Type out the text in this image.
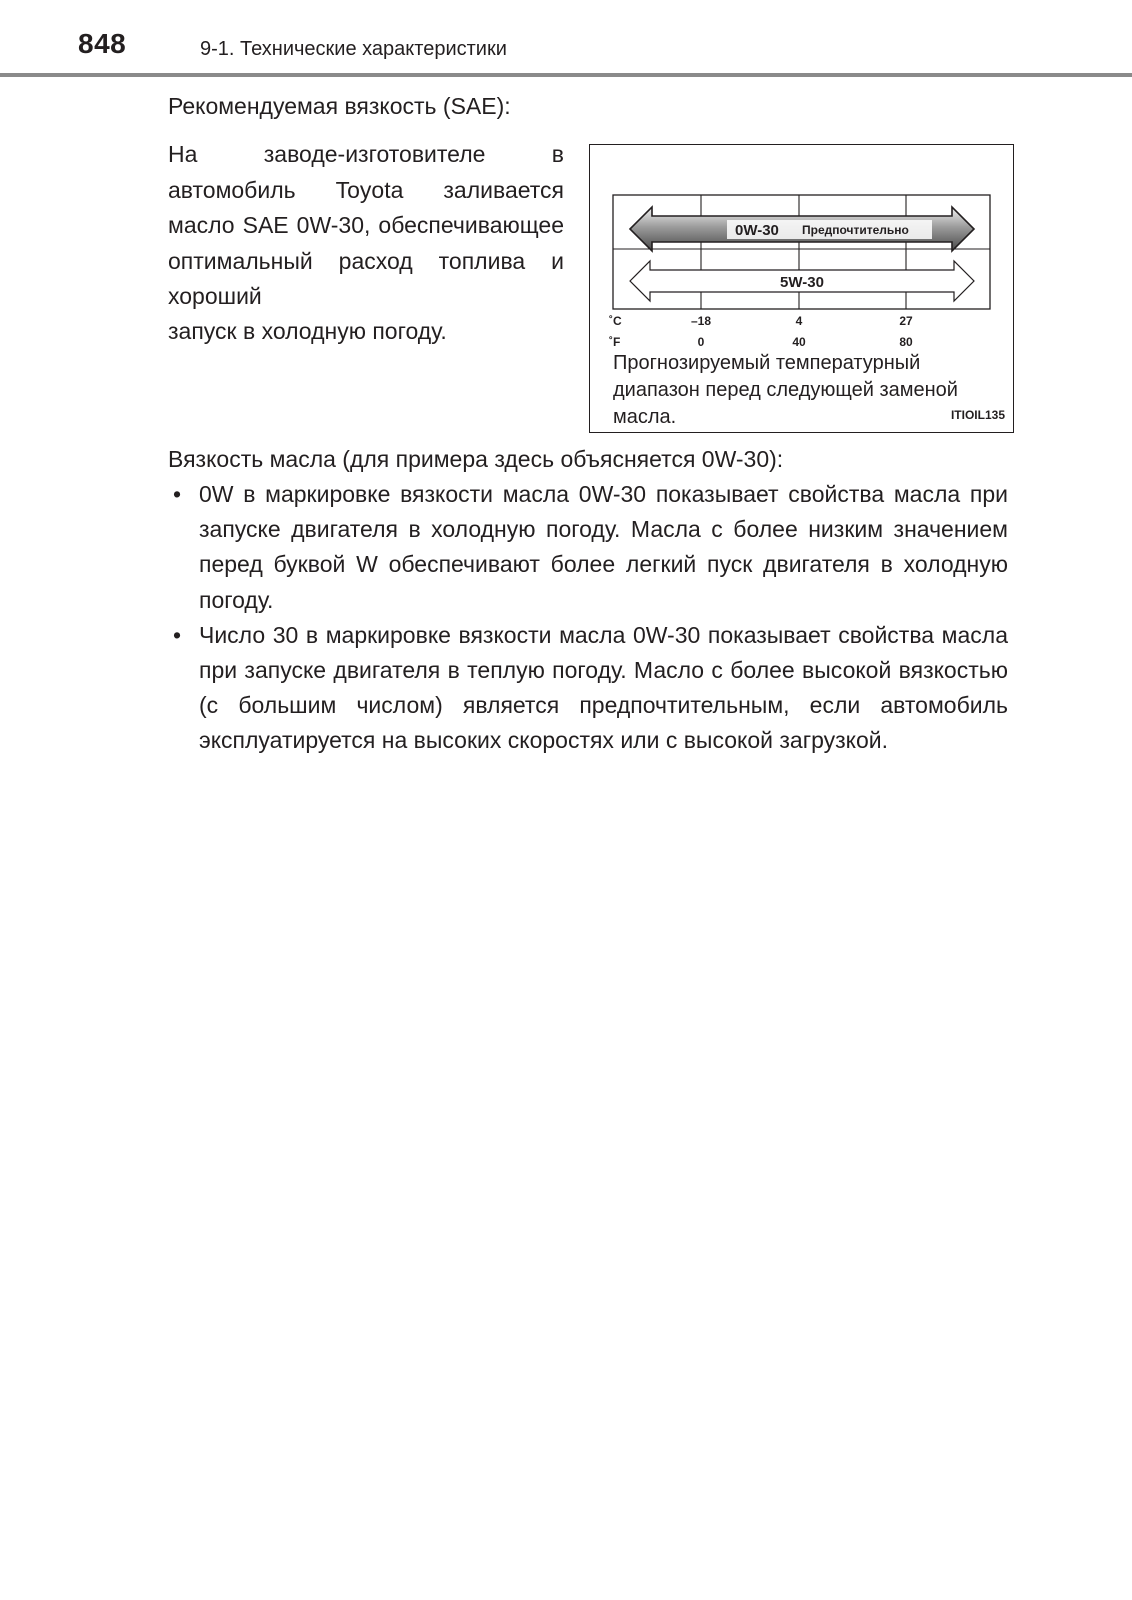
848	9-1. Технические характеристики
Рекомендуемая вязкость (SAE):

На заводе-изготовителе в автомобиль Toyota заливается масло SAE 0W-30, обеспечивающее оптимальный расход топлива и хороший

запуск в холодную погоду.

0W-30 Предпочтительно
5W-30
˚C	–18	4	27
˚F	0	40	80

Прогнозируемый температурный диапазон перед следующей заменой масла.	ITIOIL135
Вязкость масла (для примера здесь объясняется 0W-30):
• 0W в маркировке вязкости масла 0W-30 показывает свойства масла при запуске двигателя в холодную погоду. Масла с более низким значением перед буквой W обеспечивают более легкий пуск двигателя в холодную погоду.
• Число 30 в маркировке вязкости масла 0W-30 показывает свойства масла при запуске двигателя в теплую погоду. Масло с более высокой вязкостью (с большим числом) является предпочтительным, если автомобиль эксплуатируется на высоких скоростях или с высокой загрузкой.
